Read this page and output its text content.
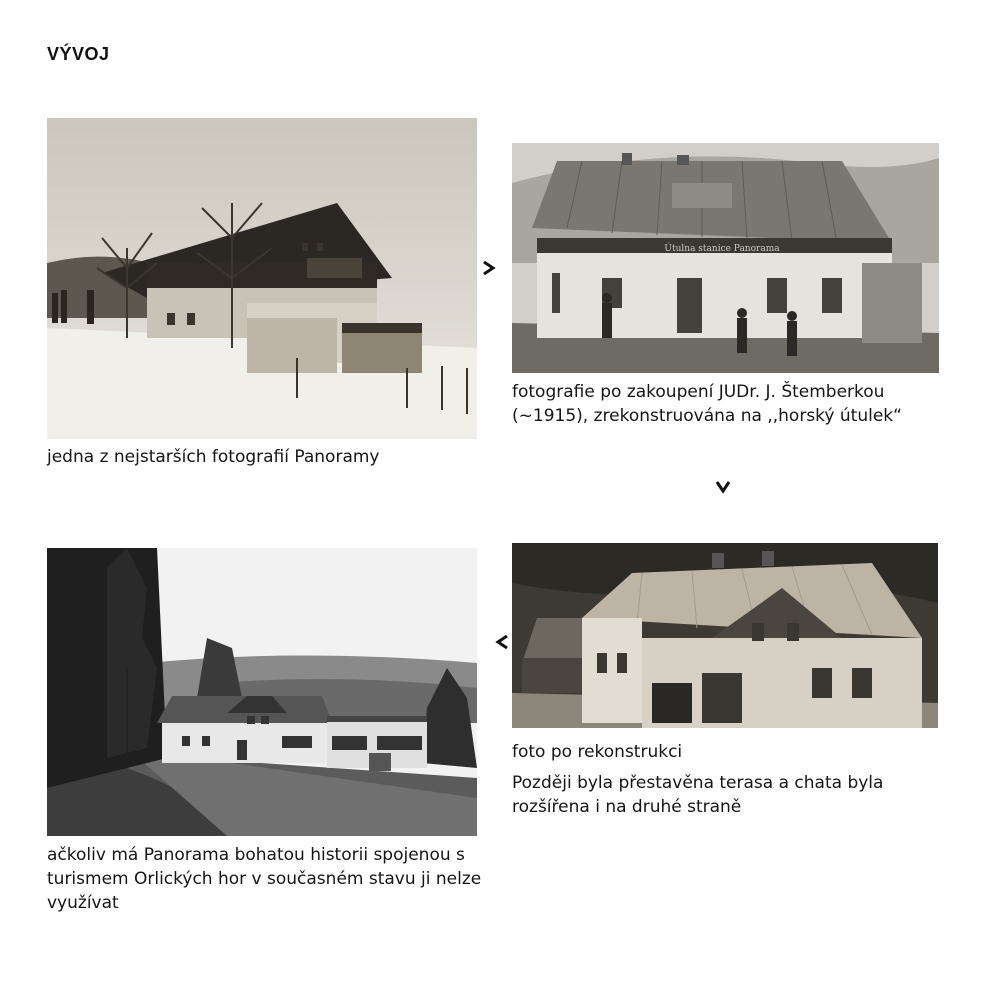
VÝVOJ
Útulna stanice Panorama
fotografie po zakoupení JUDr. J. Štemberkou (~1915), zrekonstruována na ,,horský útulek“
jedna z nejstarších fotografií Panoramy
foto po rekonstrukci
Později byla přestavěna terasa a chata byla rozšířena i na druhé straně
ačkoliv má Panorama bohatou historii spojenou s turismem Orlických hor v současném stavu ji nelze využívat
